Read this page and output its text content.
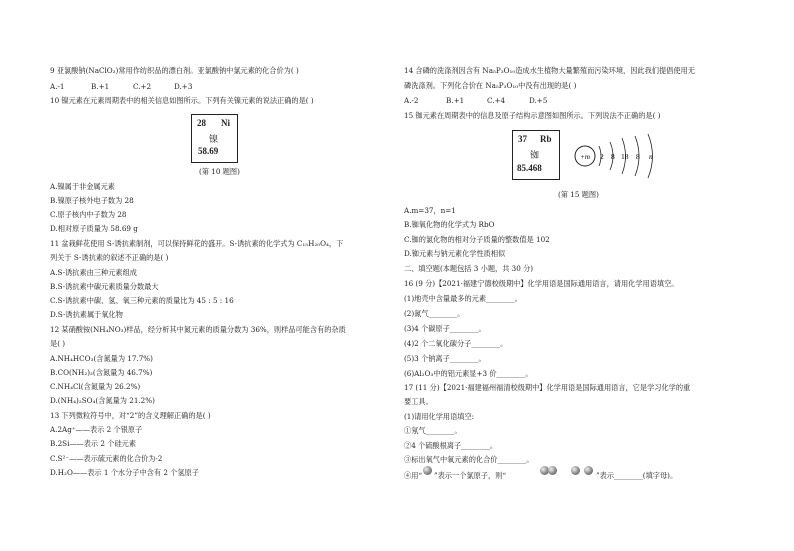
9 亚氯酸钠(NaClO₂)常用作纺织品的漂白剂。亚氯酸钠中氯元素的化合价为( )
A.-1	B.+1	C.+2	D.+3
10 镍元素在元素周期表中的相关信息如图所示。下列有关镍元素的说法正确的是( )
28 Ni
镍
58.69
(第 10 题图)
A.镍属于非金属元素
B.镍原子核外电子数为 28
C.原子核内中子数为 28
D.相对原子质量为 58.69 g
11 盆栽鲜花使用 S-诱抗素制剂，可以保持鲜花的盛开。S-诱抗素的化学式为 C₁₅H₂₀O₄，下
列关于 S-诱抗素的叙述不正确的是( )
A.S-诱抗素由三种元素组成
B.S-诱抗素中碳元素质量分数最大
C.S-诱抗素中碳、氢、氧三种元素的质量比为 45 : 5 : 16
D.S-诱抗素属于氧化物
12 某硝酸铵(NH₄NO₃)样品，经分析其中氮元素的质量分数为 36%，则样品可能含有的杂质
是( )
A.NH₄HCO₃(含氮量为 17.7%)
B.CO(NH₂)₂(含氮量为 46.7%)
C.NH₄Cl(含氮量为 26.2%)
D.(NH₄)₂SO₄(含氮量为 21.2%)
13 下列微粒符号中，对“2”的含义理解正确的是( )
A.2Ag⁺——表示 2 个银原子
B.2Si——表示 2 个硅元素
C.S²⁻——表示硫元素的化合价为-2
D.H₂O——表示 1 个水分子中含有 2 个氢原子
14 含磷的洗涤剂因含有 Na₅P₃O₁₀造成水生植物大量繁殖而污染环境，因此我们提倡使用无
磷洗涤剂。下列化合价在 Na₅P₃O₁₀中没有出现的是( )
A.-2	B.+1	C.+4	D.+5
15 铷元素在周期表中的信息及原子结构示意图如图所示。下列说法不正确的是( )
37 Rb
铷
85.468
+m 2 8 18 8 n
(第 15 题图)
A.m=37，n=1
B.铷氧化物的化学式为 RbO
C.铷的氯化物的相对分子质量的整数值是 102
D.铷元素与钠元素化学性质相似
二、填空题(本题包括 3 小题，共 30 分)
16 (9 分)【2021·福建宁德校级期中】化学用语是国际通用语言，请用化学用语填空。
(1)地壳中含量最多的元素________。
(2)氮气________。
(3)4 个碳原子________。
(4)2 个二氧化碳分子________。
(5)3 个钠离子________。
(6)Al₂O₃中的铝元素显+3 价________。
17 (11 分)【2021·福建福州福清校级期中】化学用语是国际通用语言，它是学习化学的重
要工具。
(1)请用化学用语填空:
①氖气________。
②4 个硫酸根离子________。
③标出氧气中氧元素的化合价________。
④用“ ”表示一个氯原子，则“	”表示________(填字母)。
